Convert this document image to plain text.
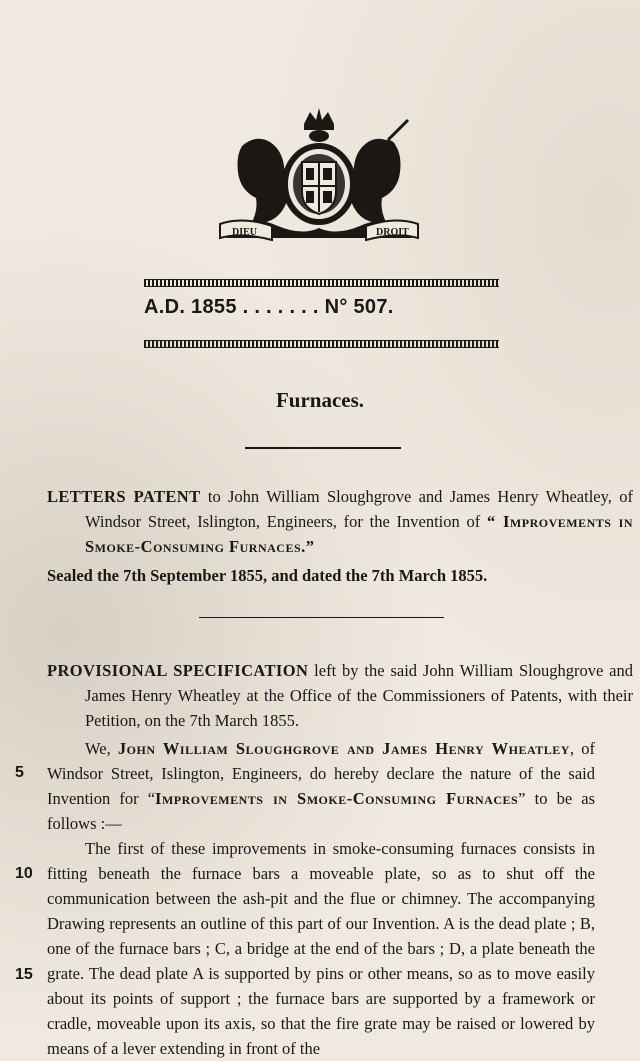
DIEU	DROIT
A.D. 1855 . . . . . . . N° 507.
Furnaces.
LETTERS PATENT to John William Sloughgrove and James Henry Wheatley, of Windsor Street, Islington, Engineers, for the Invention of “ Improvements in Smoke-Consuming Furnaces.”
Sealed the 7th September 1855, and dated the 7th March 1855.
PROVISIONAL SPECIFICATION left by the said John William Sloughgrove and James Henry Wheatley at the Office of the Commissioners of Patents, with their Petition, on the 7th March 1855.
We, John William Sloughgrove and James Henry Wheatley, of Windsor Street, Islington, Engineers, do hereby declare the nature of the said Invention for “Improvements in Smoke-Consuming Furnaces” to be as follows :—
The first of these improvements in smoke-consuming furnaces consists in fitting beneath the furnace bars a moveable plate, so as to shut off the communication between the ash-pit and the flue or chimney. The accompanying Drawing represents an outline of this part of our Invention. A is the dead plate ; B, one of the furnace bars ; C, a bridge at the end of the bars ; D, a plate beneath the grate. The dead plate A is supported by pins or other means, so as to move easily about its points of support ; the furnace bars are supported by a framework or cradle, moveable upon its axis, so that the fire grate may be raised or lowered by means of a lever extending in front of the
5
10
15
